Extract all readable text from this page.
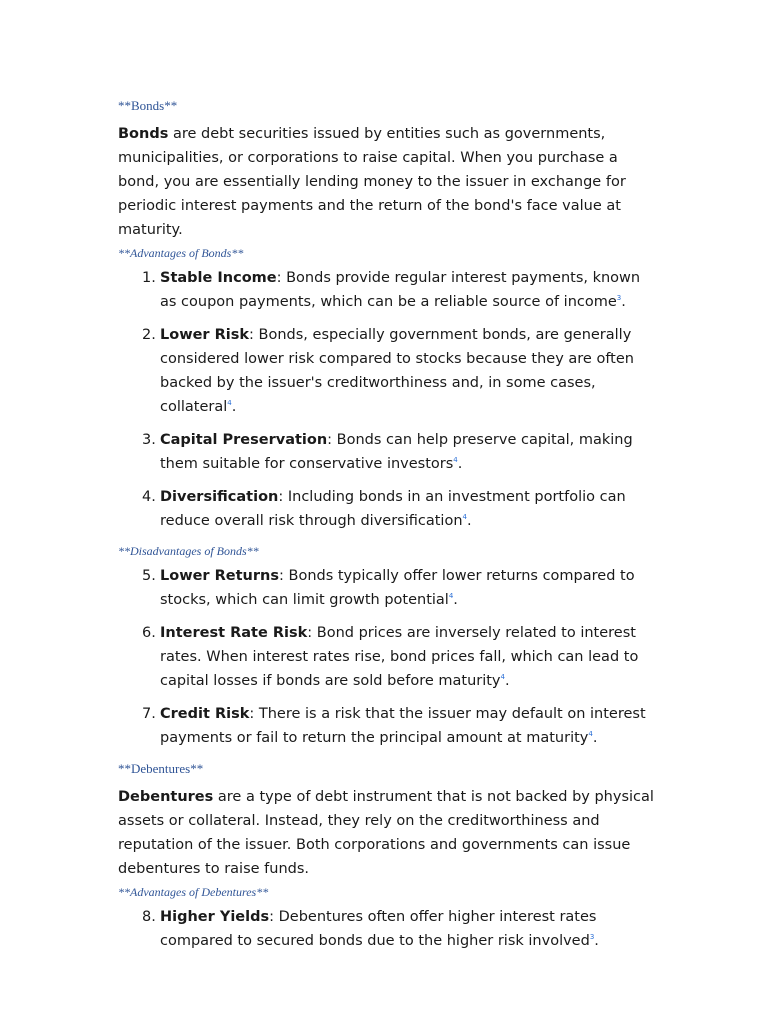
**Bonds**

Bonds are debt securities issued by entities such as governments, municipalities, or corporations to raise capital. When you purchase a bond, you are essentially lending money to the issuer in exchange for periodic interest payments and the return of the bond's face value at maturity.

**Advantages of Bonds**
1. Stable Income: Bonds provide regular interest payments, known as coupon payments, which can be a reliable source of income$^3$.
2. Lower Risk: Bonds, especially government bonds, are generally considered lower risk compared to stocks because they are often backed by the issuer's creditworthiness and, in some cases, collateral$^4$.
3. Capital Preservation: Bonds can help preserve capital, making them suitable for conservative investors$^4$.
4. Diversification: Including bonds in an investment portfolio can reduce overall risk through diversification$^4$.
**Disadvantages of Bonds**
5. Lower Returns: Bonds typically offer lower returns compared to stocks, which can limit growth potential$^4$.
6. Interest Rate Risk: Bond prices are inversely related to interest rates. When interest rates rise, bond prices fall, which can lead to capital losses if bonds are sold before maturity$^4$.
7. Credit Risk: There is a risk that the issuer may default on interest payments or fail to return the principal amount at maturity$^4$.
**Debentures**

Debentures are a type of debt instrument that is not backed by physical assets or collateral. Instead, they rely on the creditworthiness and reputation of the issuer. Both corporations and governments can issue debentures to raise funds.

**Advantages of Debentures**
8. Higher Yields: Debentures often offer higher interest rates compared to secured bonds due to the higher risk involved$^3$.
